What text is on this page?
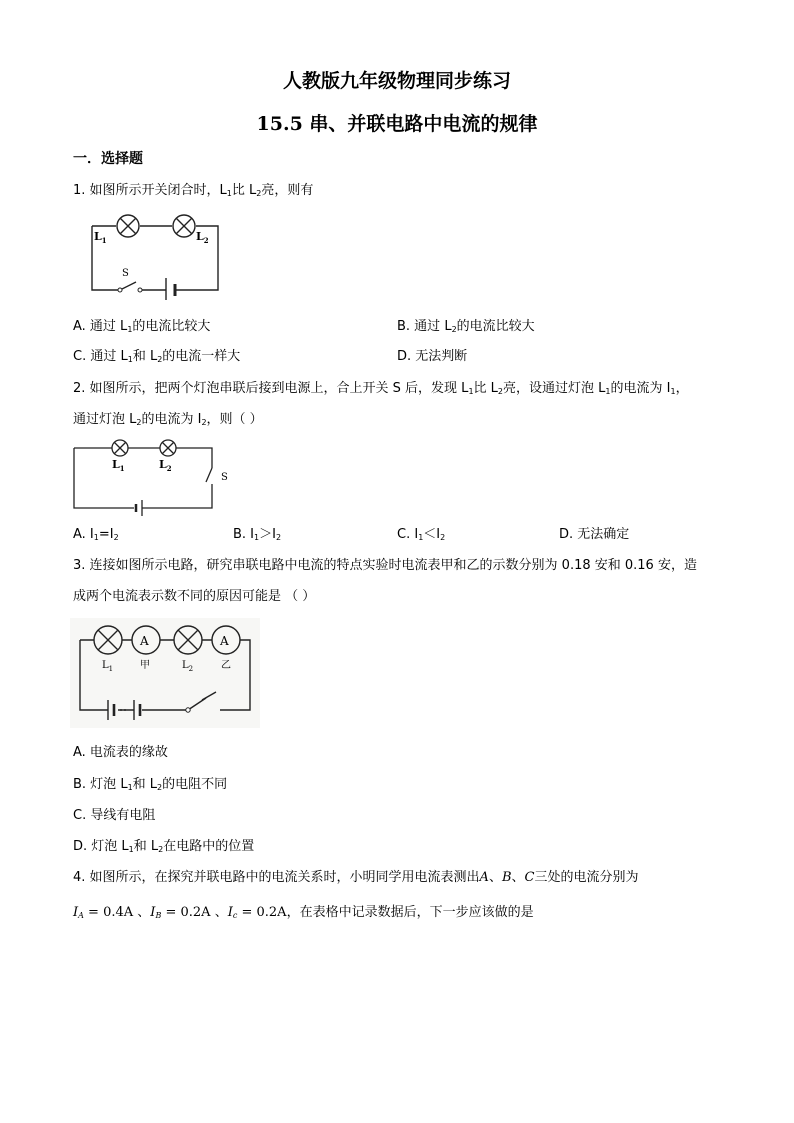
人教版九年级物理同步练习
15.5 串、并联电路中电流的规律
一．选择题
1. 如图所示开关闭合时，$L_1$比 $L_2$亮，则有
$L_1$	$L_2$
S
A. 通过 $L_1$的电流比较大	B. 通过 $L_2$的电流比较大
C. 通过 $L_1$和 $L_2$的电流一样大	D. 无法判断
2. 如图所示，把两个灯泡串联后接到电源上，合上开关 S 后，发现 $L_1$比 $L_2$亮，设通过灯泡 $L_1$的电流为 $I_1$，
通过灯泡 $L_2$的电流为 $I_2$，则（ ）
$L_1$	$L_2$
S
A. $I_1=I_2$	B. $I_1>I_2$	C. $I_1<I_2$	D. 无法确定
3. 连接如图所示电路，研究串联电路中电流的特点实验时电流表甲和乙的示数分别为 0.18 安和 0.16 安，造
成两个电流表示数不同的原因可能是 （ ）
A	A
$L_1$	甲	$L_2$	乙
A. 电流表的缘故
B. 灯泡 $L_1$和 $L_2$的电阻不同
C. 导线有电阻
D. 灯泡 $L_1$和 $L_2$在电路中的位置
4. 如图所示，在探究并联电路中的电流关系时，小明同学用电流表测出A、B、C三处的电流分别为
$I_A = 0.4A$ 、$I_B = 0.2A$ 、$I_c = 0.2A$，在表格中记录数据后，下一步应该做的是
